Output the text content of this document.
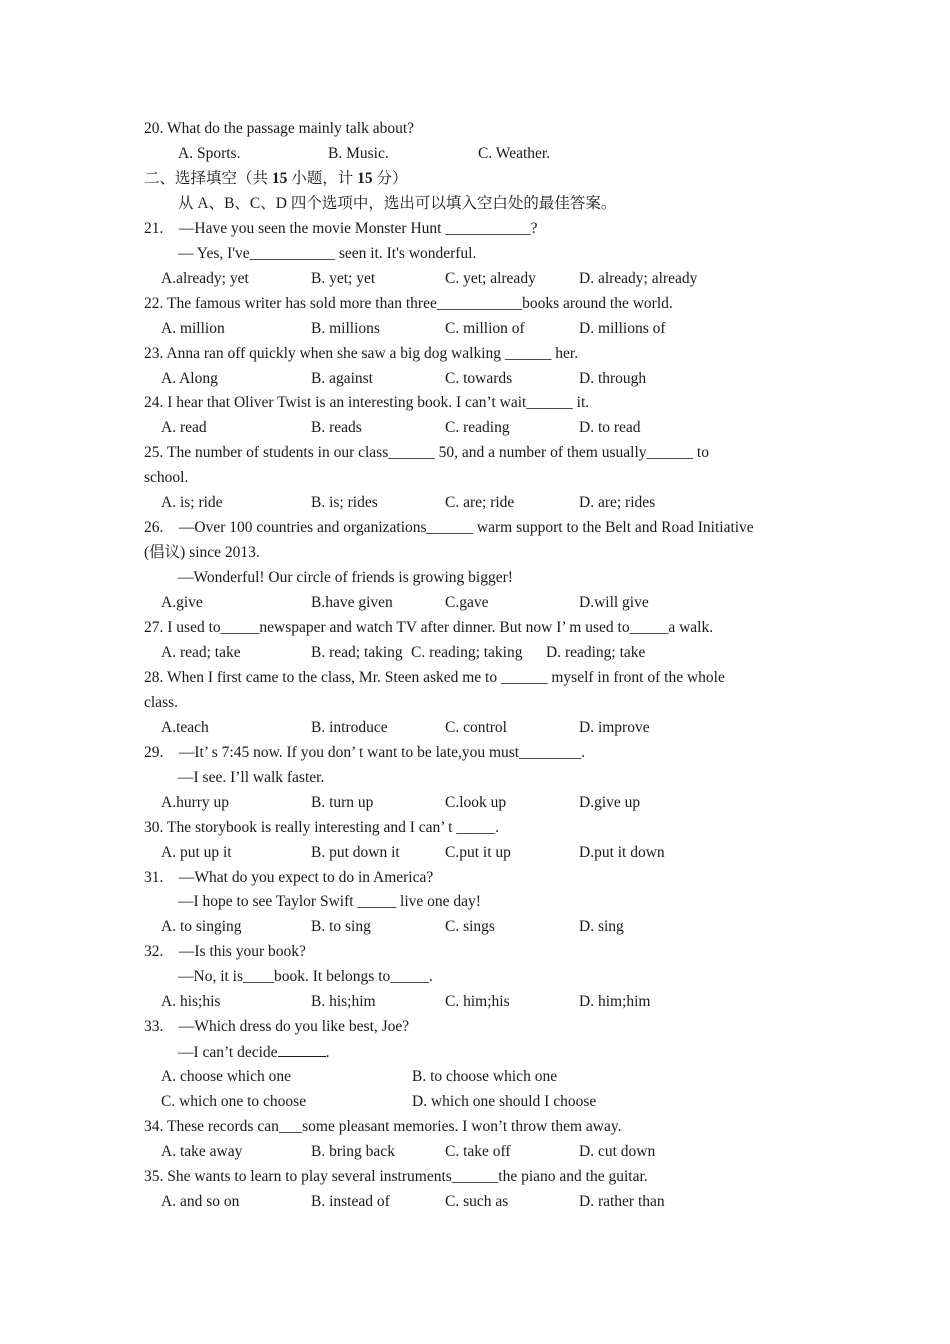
20. What do the passage mainly talk about?
A. Sports.	B. Music.	C. Weather.
二、选择填空（共 15 小题，计 15 分）
从 A、B、C、D 四个选项中，选出可以填入空白处的最佳答案。
21.　—Have you seen the movie Monster Hunt ___________?
— Yes, I've___________ seen it. It's wonderful.
A.already; yet	B. yet; yet	C. yet; already	D. already; already
22. The famous writer has sold more than three___________books around the world.
A. million	B. millions	C. million of	D. millions of
23. Anna ran off quickly when she saw a big dog walking ______ her.
A. Along	B. against	C. towards	D. through
24. I hear that Oliver Twist is an interesting book. I can’t wait______ it.
A. read	B. reads	C. reading	D. to read
25. The number of students in our class______ 50, and a number of them usually______ to
school.
A. is; ride	B. is; rides	C. are; ride	D. are; rides
26.　—Over 100 countries and organizations______ warm support to the Belt and Road Initiative
(倡议) since 2013.
—Wonderful! Our circle of friends is growing bigger!
A.give	B.have given	C.gave	D.will give
27. I used to_____newspaper and watch TV after dinner. But now I’ m used to_____a walk.
A. read; take	B. read; taking C. reading; taking D. reading; take
28. When I first came to the class, Mr. Steen asked me to ______ myself in front of the whole
class.
A.teach	B. introduce	C. control	D. improve
29.　—It’ s 7:45 now. If you don’ t want to be late,you must________.
—I see. I’ll walk faster.
A.hurry up	B. turn up	C.look up	D.give up
30. The storybook is really interesting and I can’ t _____.
A. put up it	B. put down it	C.put it up	D.put it down
31.　—What do you expect to do in America?
—I hope to see Taylor Swift _____ live one day!
A. to singing	B. to sing	C. sings	D. sing
32.　—Is this your book?
—No, it is____book. It belongs to_____.
A. his;his	B. his;him	C. him;his	D. him;him
33.　—Which dress do you like best, Joe?
—I can’t decide	.
A. choose which one	B. to choose which one
C. which one to choose	D. which one should I choose
34. These records can___some pleasant memories. I won’t throw them away.
A. take away	B. bring back	C. take off	D. cut down
35. She wants to learn to play several instruments______the piano and the guitar.
A. and so on	B. instead of	C. such as	D. rather than
